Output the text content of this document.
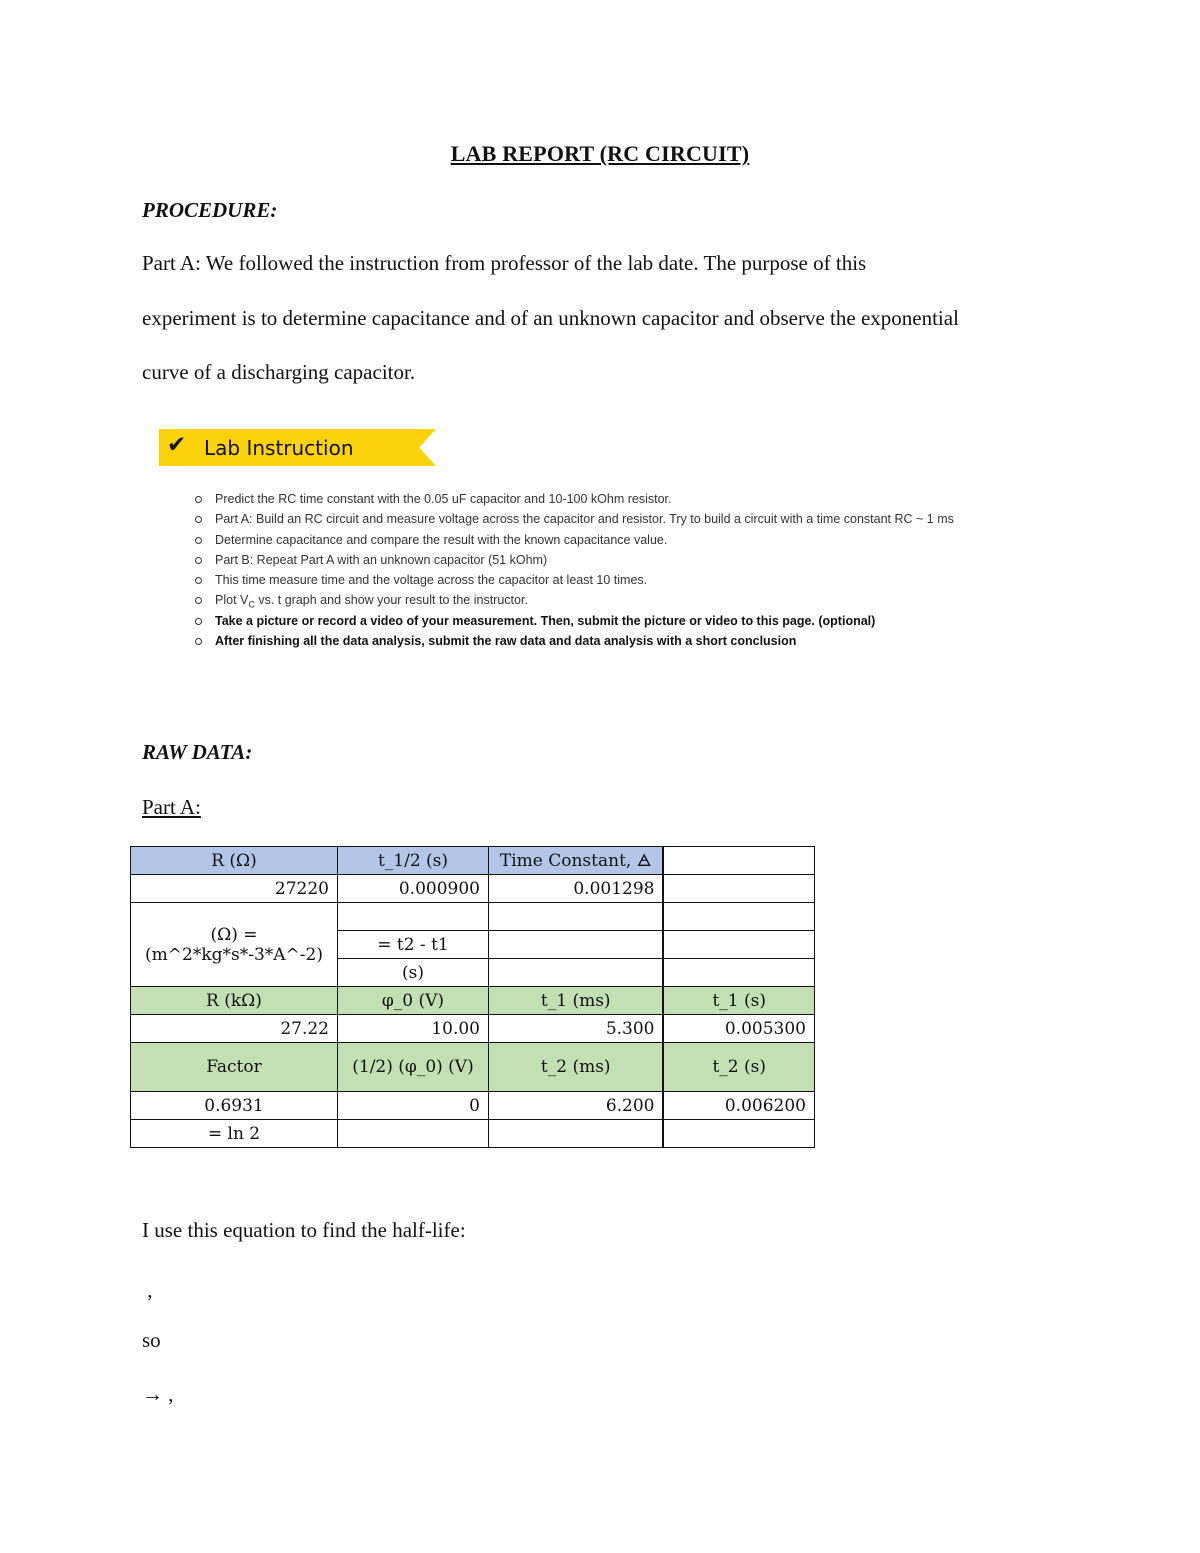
LAB REPORT (RC CIRCUIT)
PROCEDURE:
Part A: We followed the instruction from professor of the lab date. The purpose of this
experiment is to determine capacitance and of an unknown capacitor and observe the exponential
curve of a discharging capacitor.
✔ Lab Instruction
Predict the RC time constant with the 0.05 uF capacitor and 10-100 kOhm resistor.
Part A: Build an RC circuit and measure voltage across the capacitor and resistor. Try to build a circuit with a time constant RC ~ 1 ms
Determine capacitance and compare the result with the known capacitance value.
Part B: Repeat Part A with an unknown capacitor (51 kOhm)
This time measure time and the voltage across the capacitor at least 10 times.
Plot $V_C$ vs. t graph and show your result to the instructor.
Take a picture or record a video of your measurement. Then, submit the picture or video to this page. (optional)
After finishing all the data analysis, submit the raw data and data analysis with a short conclusion
RAW DATA:
Part A:
R (Ω)	t_1/2 (s)	Time Constant, 🜁	
27220	0.000900	0.001298	
(Ω) = (m^2*kg*s*-3*A^-2)			
	= t2 - t1		
	(s)		
R (kΩ)	φ_0 (V)	t_1 (ms)	t_1 (s)
27.22	10.00	5.300	0.005300
Factor	(1/2) (φ_0) (V)	t_2 (ms)	t_2 (s)
0.6931	0	6.200	0.006200
= ln 2			
I use this equation to find the half-life:
,
so
→ ,
